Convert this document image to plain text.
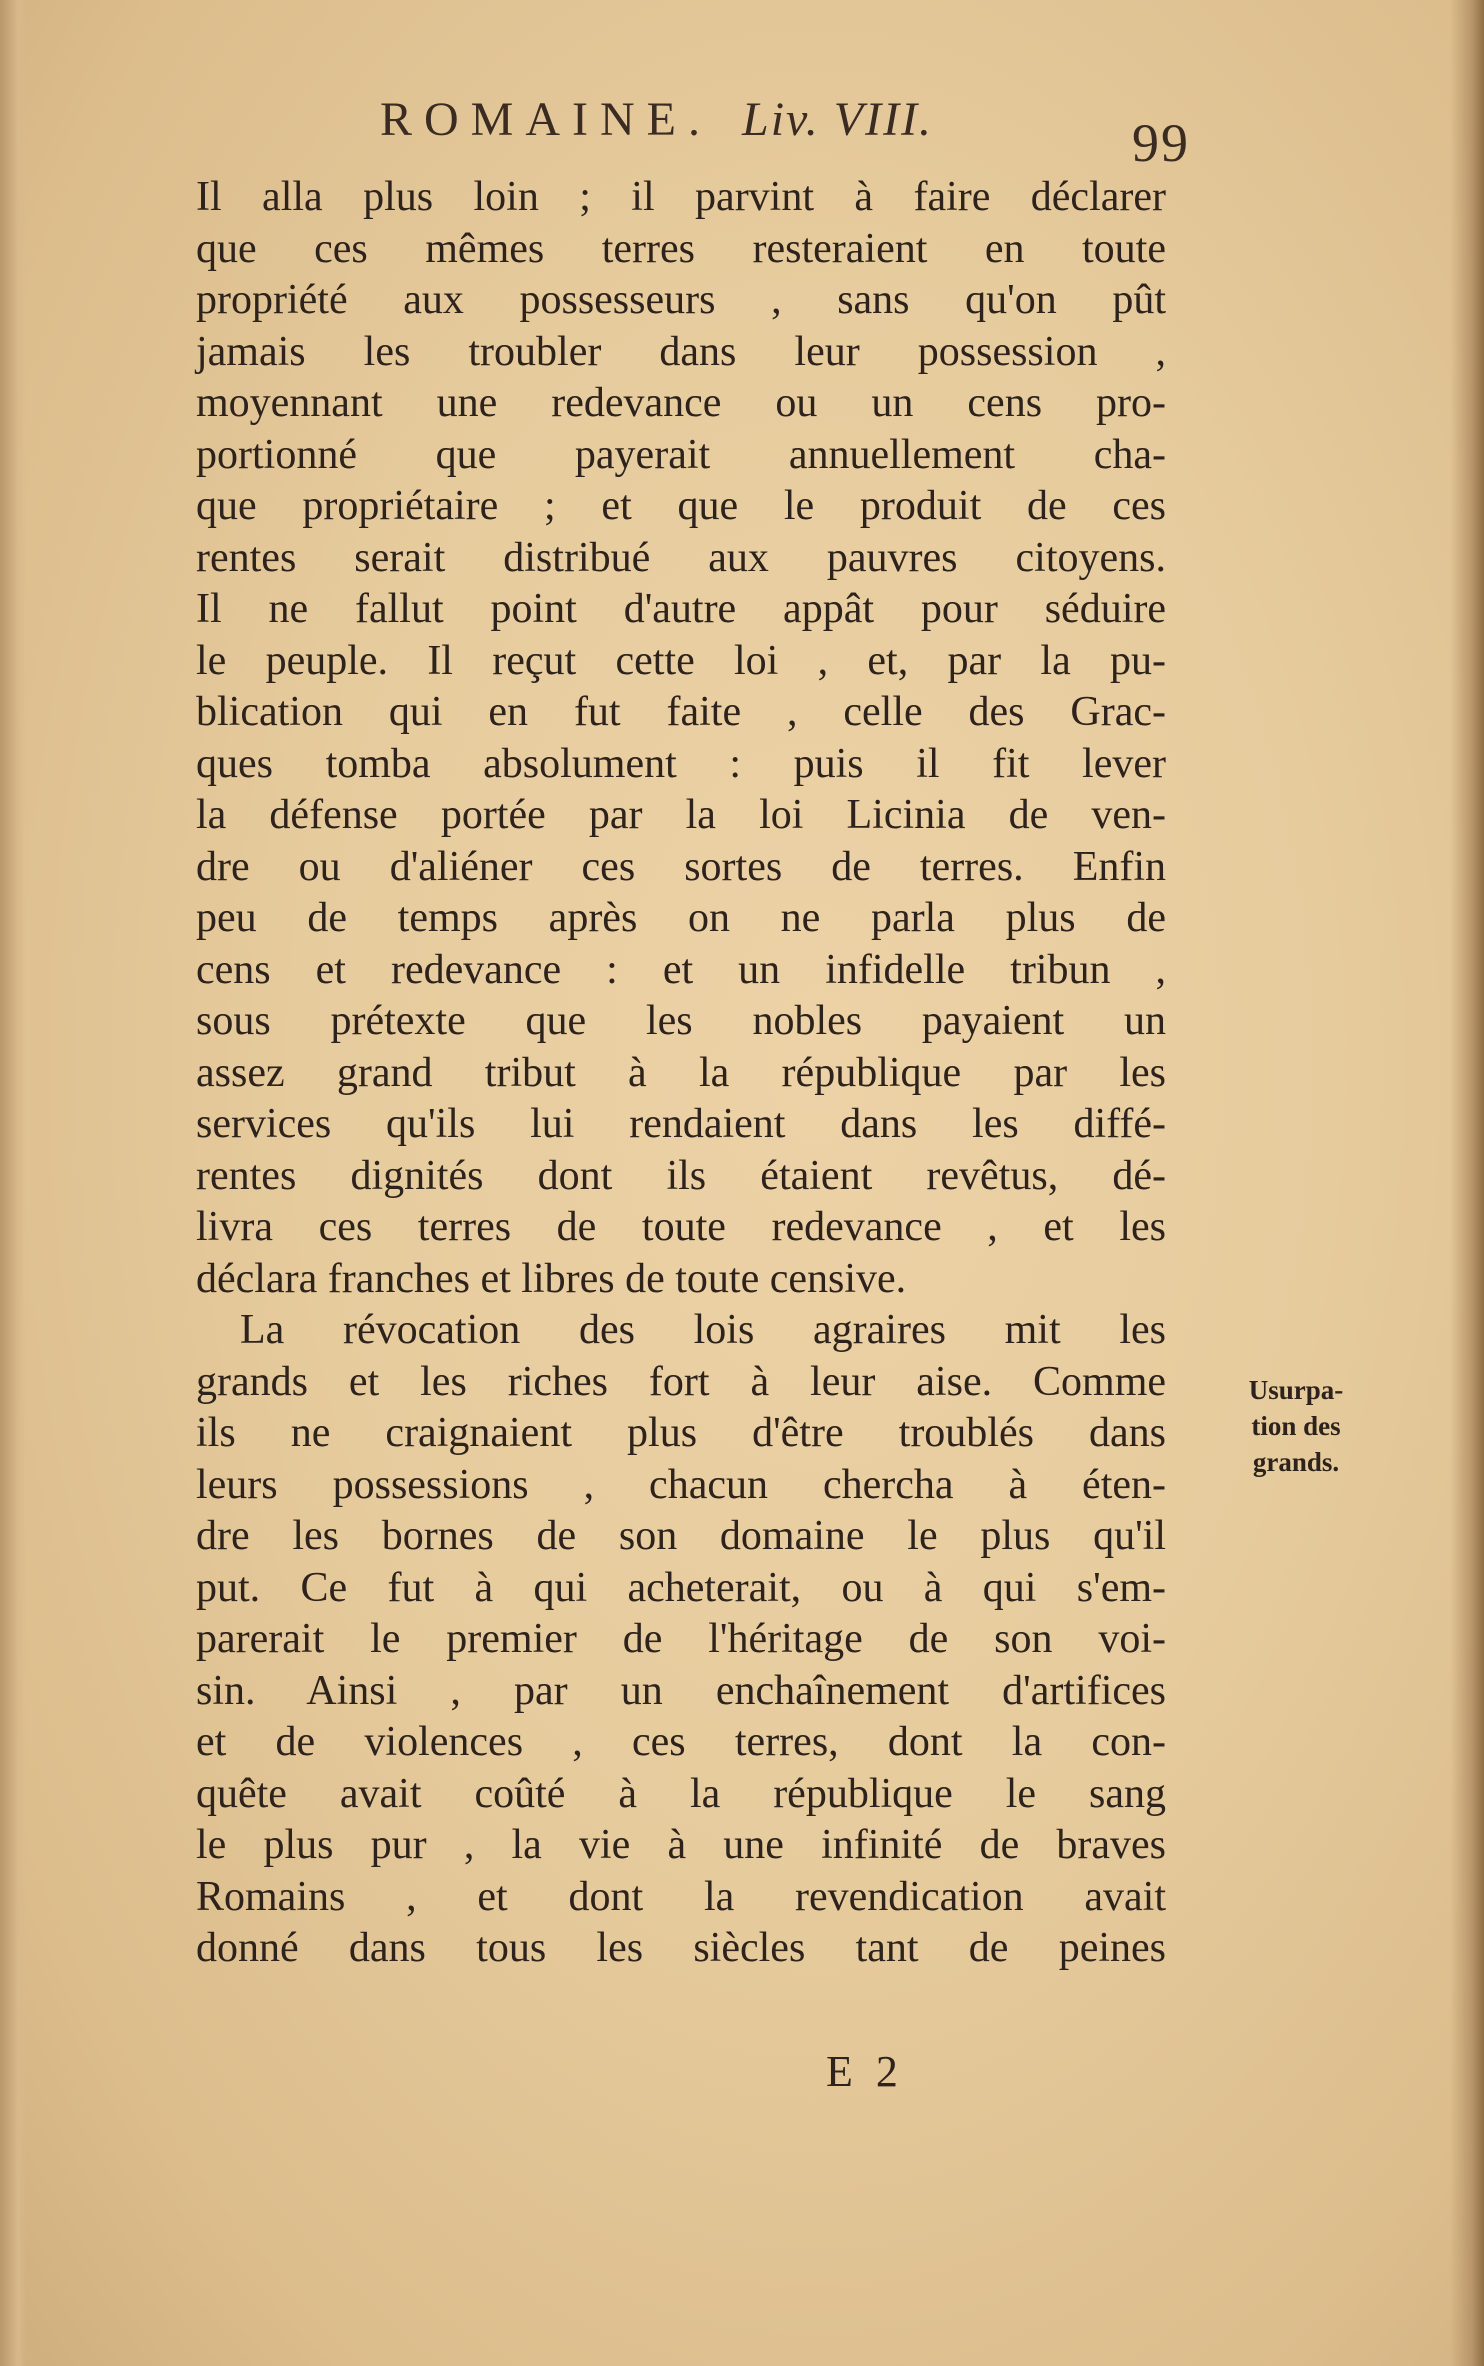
ROMAINE. Liv. VIII.	99
Il alla plus loin ; il parvint à faire déclarer
que ces mêmes terres resteraient en toute
propriété aux possesseurs , sans qu'on pût
jamais les troubler dans leur possession ,
moyennant une redevance ou un cens pro-
portionné que payerait annuellement cha-
que propriétaire ; et que le produit de ces
rentes serait distribué aux pauvres citoyens.
Il ne fallut point d'autre appât pour séduire
le peuple. Il reçut cette loi , et, par la pu-
blication qui en fut faite , celle des Grac-
ques tomba absolument : puis il fit lever
la défense portée par la loi Licinia de ven-
dre ou d'aliéner ces sortes de terres. Enfin
peu de temps après on ne parla plus de
cens et redevance : et un infidelle tribun ,
sous prétexte que les nobles payaient un
assez grand tribut à la république par les
services qu'ils lui rendaient dans les diffé-
rentes dignités dont ils étaient revêtus, dé-
livra ces terres de toute redevance , et les
déclara franches et libres de toute censive.
La révocation des lois agraires mit les
grands et les riches fort à leur aise. Comme
ils ne craignaient plus d'être troublés dans
leurs possessions , chacun chercha à éten-
dre les bornes de son domaine le plus qu'il
put. Ce fut à qui acheterait, ou à qui s'em-
parerait le premier de l'héritage de son voi-
sin. Ainsi , par un enchaînement d'artifices
et de violences , ces terres, dont la con-
quête avait coûté à la république le sang
le plus pur , la vie à une infinité de braves
Romains , et dont la revendication avait
donné dans tous les siècles tant de peines
Usurpa-
tion des
grands.
E 2
